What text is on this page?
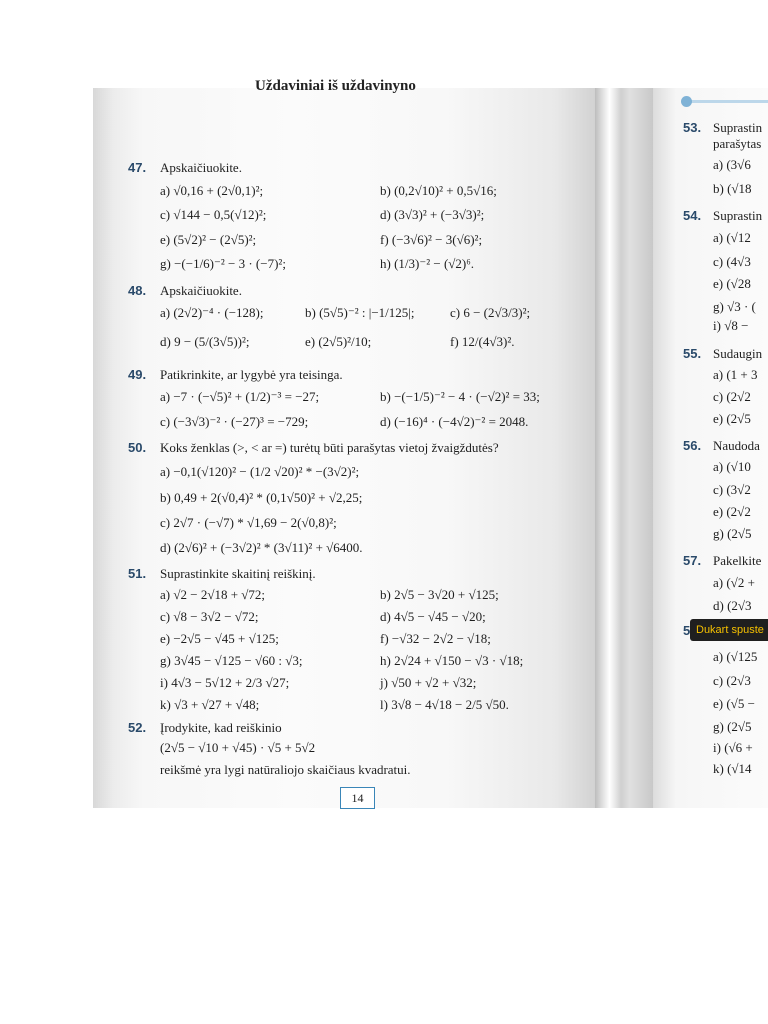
Uždaviniai iš uždavinyno
47. Apskaičiuokite.
a) √0,16 + (2√0,1)²;	b) (0,2√10)² + 0,5√16;
c) √144 − 0,5(√12)²;	d) (3√3)² + (−3√3)²;
e) (5√2)² − (2√5)²;	f) (−3√6)² − 3(√6)²;
g) −(−1/6)⁻² − 3 · (−7)²;	h) (1/3)⁻² − (√2)⁶.
48. Apskaičiuokite.
a) (2√2)⁻⁴ · (−128);	b) (5√5)⁻² : |−1/125|;	c) 6 − (2√3/3)²;
d) 9 − (5/(3√5))²;	e) (2√5)²/10;	f) 12/(4√3)².
49. Patikrinkite, ar lygybė yra teisinga.
a) −7 · (−√5)² + (1/2)⁻³ = −27;	b) −(−1/5)⁻² − 4 · (−√2)² = 33;
c) (−3√3)⁻² · (−27)³ = −729;	d) (−16)⁴ · (−4√2)⁻² = 2048.
50. Koks ženklas (>, < ar =) turėtų būti parašytas vietoj žvaigždutės?
a) −0,1(√120)² − (1/2 √20)² * −(3√2)²;
b) 0,49 + 2(√0,4)² * (0,1√50)² + √2,25;
c) 2√7 · (−√7) * √1,69 − 2(√0,8)²;
d) (2√6)² + (−3√2)² * (3√11)² + √6400.
51. Suprastinkite skaitinį reiškinį.
a) √2 − 2√18 + √72;	b) 2√5 − 3√20 + √125;
c) √8 − 3√2 − √72;	d) 4√5 − √45 − √20;
e) −2√5 − √45 + √125;	f) −√32 − 2√2 − √18;
g) 3√45 − √125 − √60 : √3;	h) 2√24 + √150 − √3 · √18;
i) 4√3 − 5√12 + 2/3 √27;	j) √50 + √2 + √32;
k) √3 + √27 + √48;	l) 3√8 − 4√18 − 2/5 √50.
52. Įrodykite, kad reiškinio
(2√5 − √10 + √45) · √5 + 5√2
reikšmė yra lygi natūraliojo skaičiaus kvadratui.
14
53. Suprastin
parašytas
a) (3√6
b) (√18
54. Suprastin
a) (√12
c) (4√3
e) (√28
g) √3 · (
i) √8 −
55. Sudaugin
a) (1 + 3
c) (2√2
e) (2√5
56. Naudoda
a) (√10
c) (3√2
e) (2√2
g) (2√5
57. Pakelkite
a) (√2 +
d) (2√3
5 Dukart spuste
a) (√125
c) (2√3
e) (√5 −
g) (2√5
i) (√6 +
k) (√14
